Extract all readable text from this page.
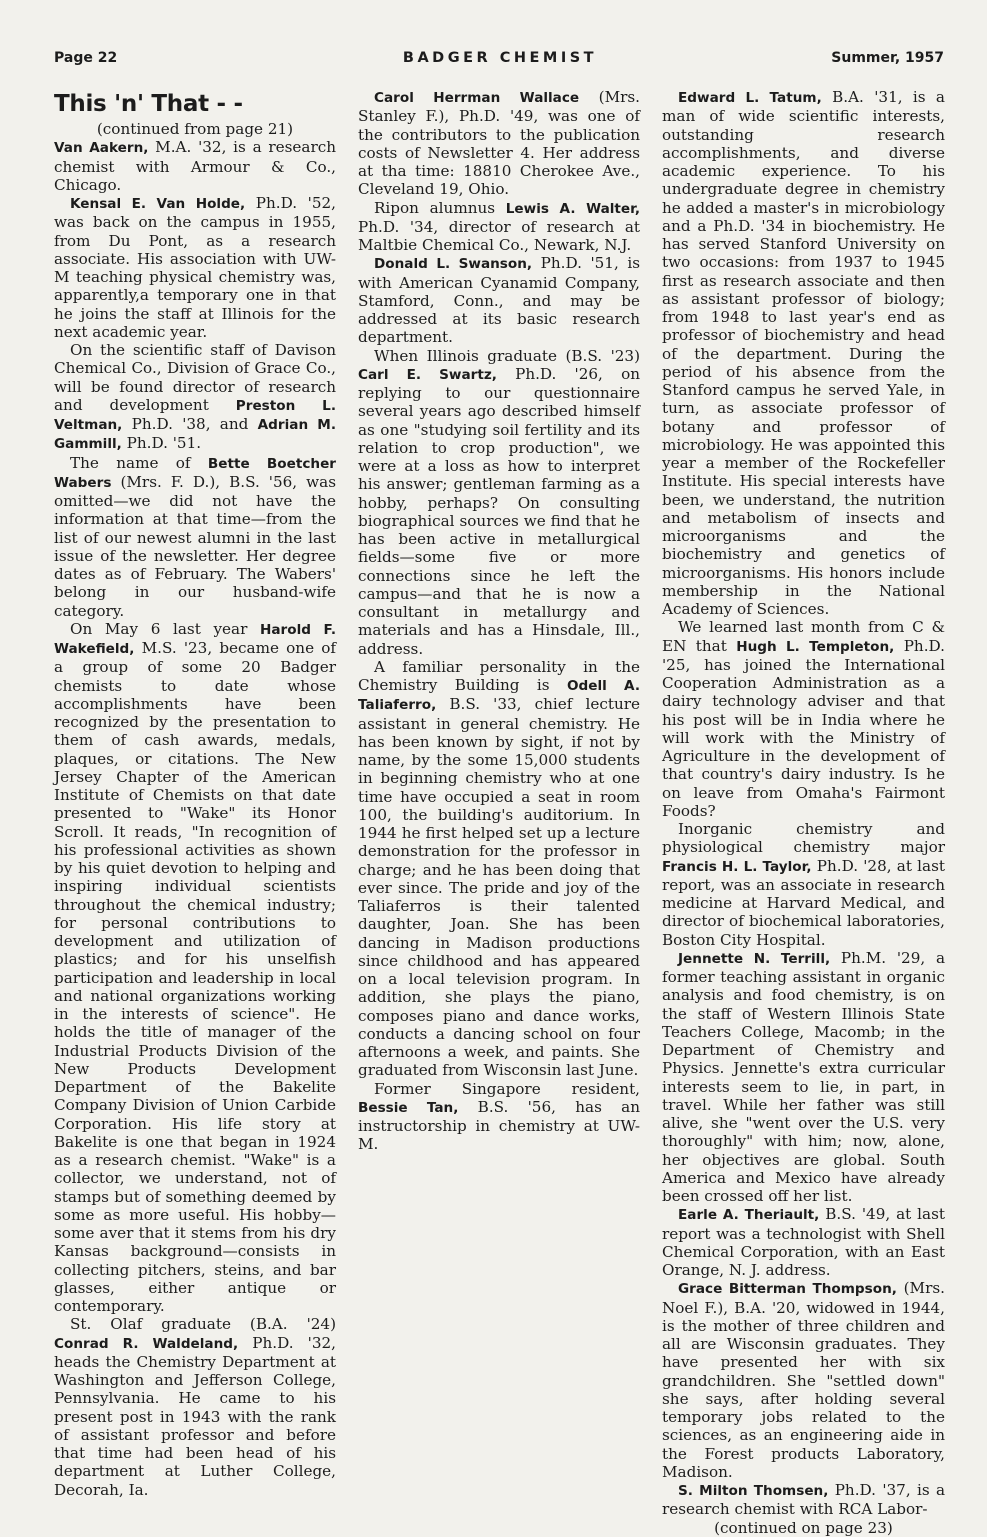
Page 22	BADGER CHEMIST	Summer, 1957
This 'n' That - -

(continued from page 21)

Van Aakern, M.A. '32, is a research chemist with Armour & Co., Chicago.

Kensal E. Van Holde, Ph.D. '52, was back on the campus in 1955, from Du Pont, as a research associate. His association with UW-M teaching physical chemistry was, apparently,a temporary one in that he joins the staff at Illinois for the next academic year.

On the scientific staff of Davison Chemical Co., Division of Grace Co., will be found director of research and development Preston L. Veltman, Ph.D. '38, and Adrian M. Gammill, Ph.D. '51.

The name of Bette Boetcher Wabers (Mrs. F. D.), B.S. '56, was omitted—we did not have the information at that time—from the list of our newest alumni in the last issue of the newsletter. Her degree dates as of February. The Wabers' belong in our husband-wife category.

On May 6 last year Harold F. Wakefield, M.S. '23, became one of a group of some 20 Badger chemists to date whose accomplishments have been recognized by the presentation to them of cash awards, medals, plaques, or citations. The New Jersey Chapter of the American Institute of Chemists on that date presented to "Wake" its Honor Scroll. It reads, "In recognition of his professional activities as shown by his quiet devotion to helping and inspiring individual scientists throughout the chemical industry; for personal contributions to development and utilization of plastics; and for his unselfish participation and leadership in local and national organizations working in the interests of science". He holds the title of manager of the Industrial Products Division of the New Products Development Department of the Bakelite Company Division of Union Carbide Corporation. His life story at Bakelite is one that began in 1924 as a research chemist. "Wake" is a collector, we understand, not of stamps but of something deemed by some as more useful. His hobby—some aver that it stems from his dry Kansas background—consists in collecting pitchers, steins, and bar glasses, either antique or contemporary.

St. Olaf graduate (B.A. '24) Conrad R. Waldeland, Ph.D. '32, heads the Chemistry Department at Washington and Jefferson College, Pennsylvania. He came to his present post in 1943 with the rank of assistant professor and before that time had been head of his department at Luther College, Decorah, Ia.

Carol Herrman Wallace (Mrs. Stanley F.), Ph.D. '49, was one of the contributors to the publication costs of Newsletter 4. Her address at tha time: 18810 Cherokee Ave., Cleveland 19, Ohio.

Ripon alumnus Lewis A. Walter, Ph.D. '34, director of research at Maltbie Chemical Co., Newark, N.J.

Donald L. Swanson, Ph.D. '51, is with American Cyanamid Company, Stamford, Conn., and may be addressed at its basic research department.

When Illinois graduate (B.S. '23) Carl E. Swartz, Ph.D. '26, on replying to our questionnaire several years ago described himself as one "studying soil fertility and its relation to crop production", we were at a loss as how to interpret his answer; gentleman farming as a hobby, perhaps? On consulting biographical sources we find that he has been active in metallurgical fields—some five or more connections since he left the campus—and that he is now a consultant in metallurgy and materials and has a Hinsdale, Ill., address.

A familiar personality in the Chemistry Building is Odell A. Taliaferro, B.S. '33, chief lecture assistant in general chemistry. He has been known by sight, if not by name, by the some 15,000 students in beginning chemistry who at one time have occupied a seat in room 100, the building's auditorium. In 1944 he first helped set up a lecture demonstration for the professor in charge; and he has been doing that ever since. The pride and joy of the Taliaferros is their talented daughter, Joan. She has been dancing in Madison productions since childhood and has appeared on a local television program. In addition, she plays the piano, composes piano and dance works, conducts a dancing school on four afternoons a week, and paints. She graduated from Wisconsin last June.

Former Singapore resident, Bessie Tan, B.S. '56, has an instructorship in chemistry at UW-M.

Edward L. Tatum, B.A. '31, is a man of wide scientific interests, outstanding research accomplishments, and diverse academic experience. To his undergraduate degree in chemistry he added a master's in microbiology and a Ph.D. '34 in biochemistry. He has served Stanford University on two occasions: from 1937 to 1945 first as research associate and then as assistant professor of biology; from 1948 to last year's end as professor of biochemistry and head of the department. During the period of his absence from the Stanford campus he served Yale, in turn, as associate professor of botany and professor of microbiology. He was appointed this year a member of the Rockefeller Institute. His special interests have been, we understand, the nutrition and metabolism of insects and microorganisms and the biochemistry and genetics of microorganisms. His honors include membership in the National Academy of Sciences.

We learned last month from C & EN that Hugh L. Templeton, Ph.D. '25, has joined the International Cooperation Administration as a dairy technology adviser and that his post will be in India where he will work with the Ministry of Agriculture in the development of that country's dairy industry. Is he on leave from Omaha's Fairmont Foods?

Inorganic chemistry and physiological chemistry major Francis H. L. Taylor, Ph.D. '28, at last report, was an associate in research medicine at Harvard Medical, and director of biochemical laboratories, Boston City Hospital.

Jennette N. Terrill, Ph.M. '29, a former teaching assistant in organic analysis and food chemistry, is on the staff of Western Illinois State Teachers College, Macomb; in the Department of Chemistry and Physics. Jennette's extra curricular interests seem to lie, in part, in travel. While her father was still alive, she "went over the U.S. very thoroughly" with him; now, alone, her objectives are global. South America and Mexico have already been crossed off her list.

Earle A. Theriault, B.S. '49, at last report was a technologist with Shell Chemical Corporation, with an East Orange, N. J. address.

Grace Bitterman Thompson, (Mrs. Noel F.), B.A. '20, widowed in 1944, is the mother of three children and all are Wisconsin graduates. They have presented her with six grandchildren. She "settled down" she says, after holding several temporary jobs related to the sciences, as an engineering aide in the Forest products Laboratory, Madison.

S. Milton Thomsen, Ph.D. '37, is a research chemist with RCA Labor-

(continued on page 23)
